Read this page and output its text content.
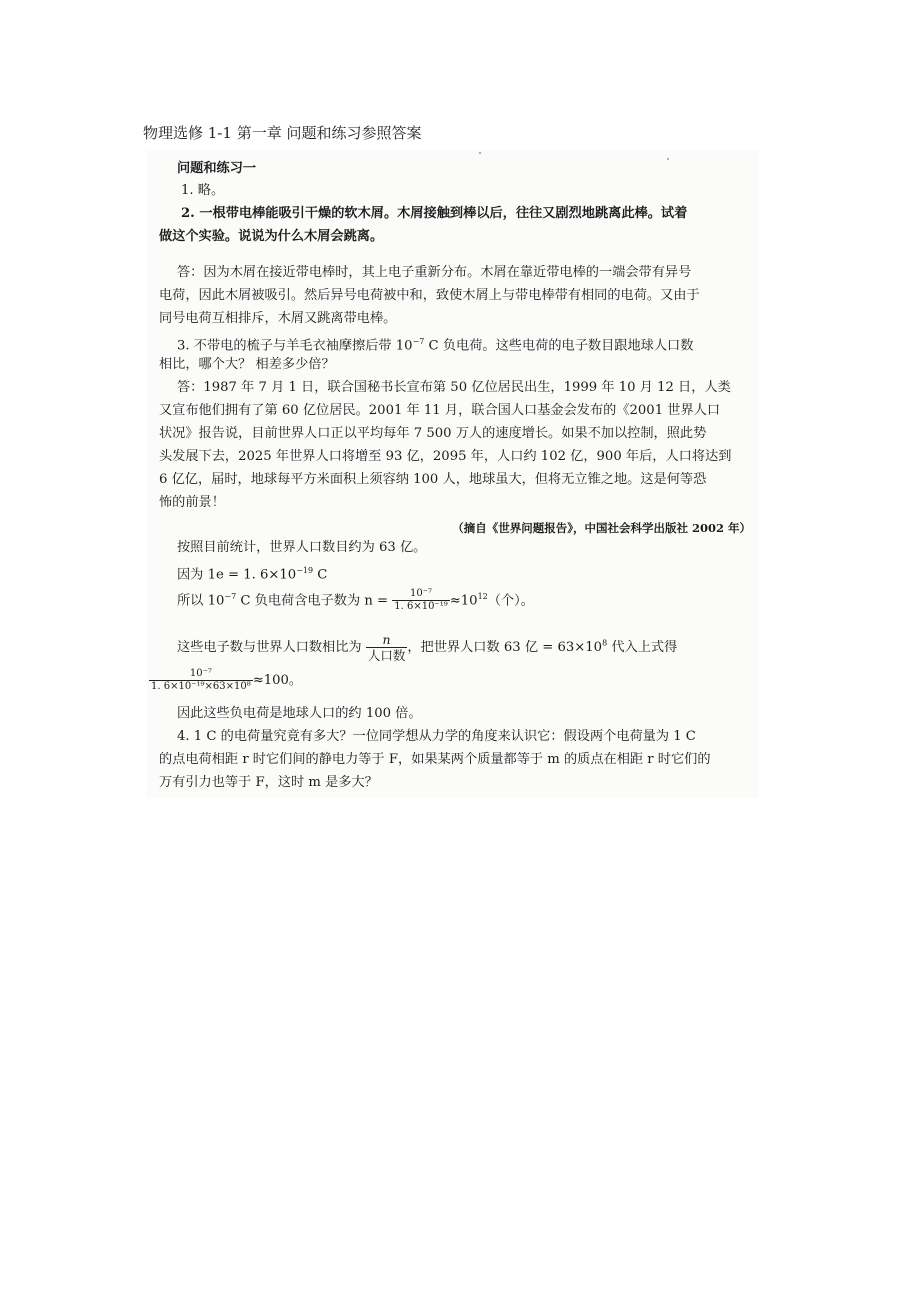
物理选修 1-1 第一章 问题和练习参照答案
问题和练习一
1. 略。
2. 一根带电棒能吸引干燥的软木屑。木屑接触到棒以后，往往又剧烈地跳离此棒。试着
做这个实验。说说为什么木屑会跳离。
答：因为木屑在接近带电棒时，其上电子重新分布。木屑在靠近带电棒的一端会带有异号
电荷，因此木屑被吸引。然后异号电荷被中和，致使木屑上与带电棒带有相同的电荷。又由于
同号电荷互相排斥，木屑又跳离带电棒。
3. 不带电的梳子与羊毛衣袖摩擦后带 $10^{-7}$ C 负电荷。这些电荷的电子数目跟地球人口数
相比，哪个大？ 相差多少倍？
答：1987 年 7 月 1 日，联合国秘书长宣布第 50 亿位居民出生，1999 年 10 月 12 日，人类
又宣布他们拥有了第 60 亿位居民。2001 年 11 月，联合国人口基金会发布的《2001 世界人口
状况》报告说，目前世界人口正以平均每年 7 500 万人的速度增长。如果不加以控制，照此势
头发展下去，2025 年世界人口将增至 93 亿，2095 年，人口约 102 亿，900 年后，人口将达到
6 亿亿，届时，地球每平方米面积上须容纳 100 人，地球虽大，但将无立锥之地。这是何等恐
怖的前景！
（摘自《世界问题报告》，中国社会科学出版社 2002 年）
按照目前统计，世界人口数目约为 63 亿。
因为 1e = 1. $6\times 10^{-19}$ C
所以 $10^{-7}$ C 负电荷含电子数为 $n = \frac{\text{10⁻⁷}}{\text{1. 6×10⁻¹⁹}} \approx 10^{12}$（个）。
这些电子数与世界人口数相比为 $\frac{n}{\text{人口数}}$ ，把世界人口数 63 亿 = $63\times 10^8$ 代入上式得
$\frac{\text{10⁻⁷}}{\text{1. 6×10⁻¹⁹×63×10⁸}} \approx 100$。
因此这些负电荷是地球人口的约 100 倍。
4. 1 C 的电荷量究竟有多大？一位同学想从力学的角度来认识它：假设两个电荷量为 1 C
的点电荷相距 r 时它们间的静电力等于 F，如果某两个质量都等于 m 的质点在相距 r 时它们的
万有引力也等于 F，这时 m 是多大？
